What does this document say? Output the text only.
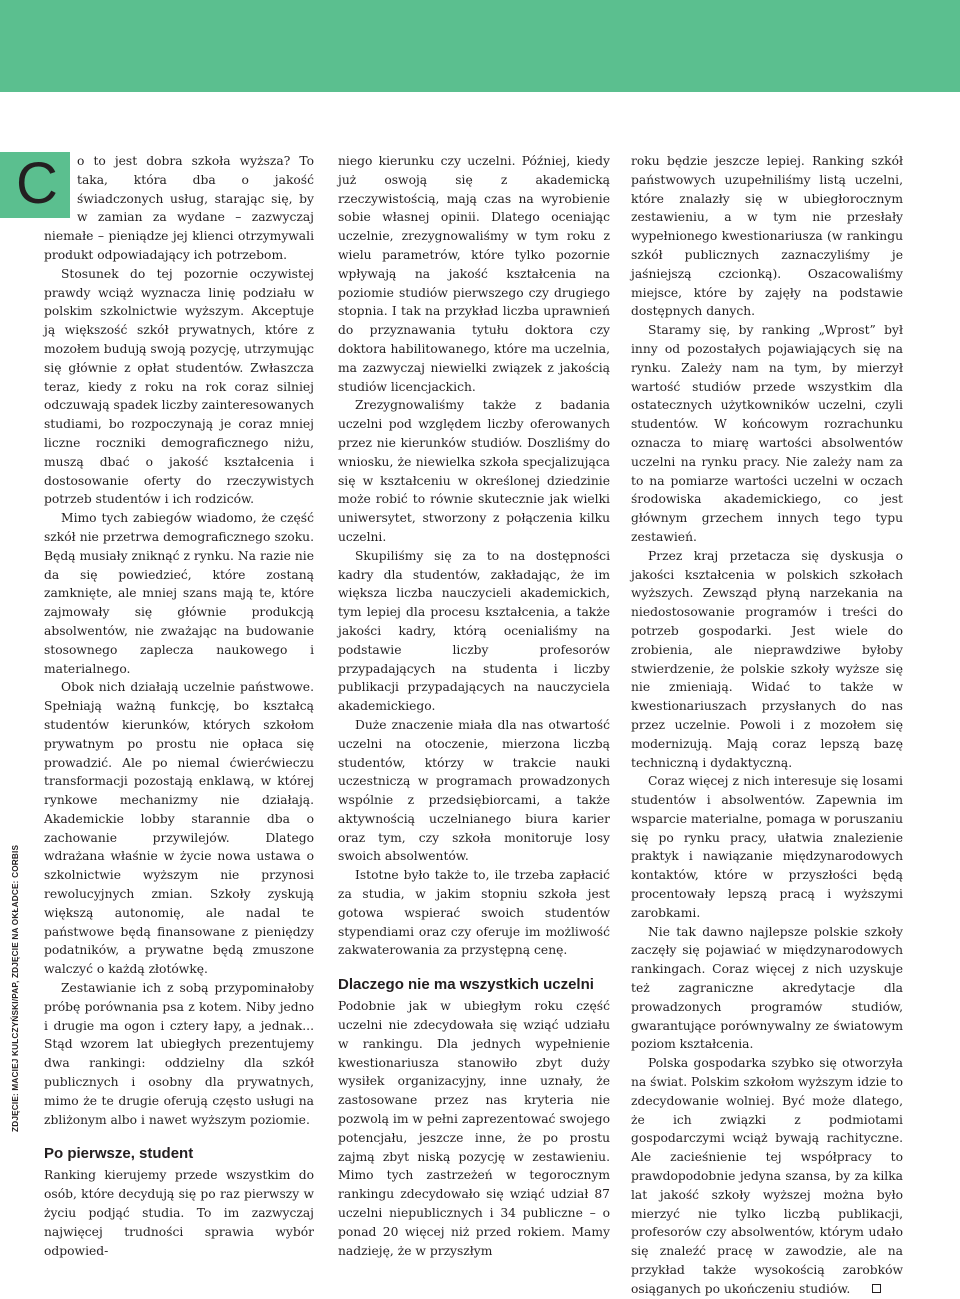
ZDJĘCIE: MACIEJ KULCZYŃSKI/PAP, ZDJĘCIE NA OKŁADCE: CORBIS
C	o to jest dobra szkoła wyższa? To taka, która dba o jakość świadczonych usług, starając się, by w zamian za wydane – zazwyczaj niemałe – pieniądze jej klienci otrzymywali produkt odpowiadający ich potrzebom.

Stosunek do tej pozornie oczywistej prawdy wciąż wyznacza linię podziału w polskim szkolnictwie wyższym. Akceptuje ją większość szkół prywatnych, które z mozołem budują swoją pozycję, utrzymując się głównie z opłat studentów. Zwłaszcza teraz, kiedy z roku na rok coraz silniej odczuwają spadek liczby zainteresowanych studiami, bo rozpoczynają je coraz mniej liczne roczniki demograficznego niżu, muszą dbać o jakość kształcenia i dostosowanie oferty do rzeczywistych potrzeb studentów i ich rodziców.

Mimo tych zabiegów wiadomo, że część szkół nie przetrwa demograficznego szoku. Będą musiały zniknąć z rynku. Na razie nie da się powiedzieć, które zostaną zamknięte, ale mniej szans mają te, które zajmowały się głównie produkcją absolwentów, nie zważając na budowanie stosownego zaplecza naukowego i materialnego.

Obok nich działają uczelnie państwowe. Spełniają ważną funkcję, bo kształcą studentów kierunków, których szkołom prywatnym po prostu nie opłaca się prowadzić. Ale po niemal ćwierćwieczu transformacji pozostają enklawą, w której rynkowe mechanizmy nie działają. Akademickie lobby starannie dba o zachowanie przywilejów. Dlatego wdrażana właśnie w życie nowa ustawa o szkolnictwie wyższym nie przynosi rewolucyjnych zmian. Szkoły zyskują większą autonomię, ale nadal te państwowe będą finansowane z pieniędzy podatników, a prywatne będą zmuszone walczyć o każdą złotówkę.

Zestawianie ich z sobą przypominałoby próbę porównania psa z kotem. Niby jedno i drugie ma ogon i cztery łapy, a jednak... Stąd wzorem lat ubiegłych prezentujemy dwa rankingi: oddzielny dla szkół publicznych i osobny dla prywatnych, mimo że te drugie oferują często usługi na zbliżonym albo i nawet wyższym poziomie.

Po pierwsze, student

Ranking kierujemy przede wszystkim do osób, które decydują się po raz pierwszy w życiu podjąć studia. To im zazwyczaj najwięcej trudności sprawia wybór odpowied-

niego kierunku czy uczelni. Później, kiedy już oswoją się z akademicką rzeczywistością, mają czas na wyrobienie sobie własnej opinii. Dlatego oceniając uczelnie, zrezygnowaliśmy w tym roku z wielu parametrów, które tylko pozornie wpływają na jakość kształcenia na poziomie studiów pierwszego czy drugiego stopnia. I tak na przykład liczba uprawnień do przyznawania tytułu doktora czy doktora habilitowanego, które ma uczelnia, ma zazwyczaj niewielki związek z jakością studiów licencjackich.

Zrezygnowaliśmy także z badania uczelni pod względem liczby oferowanych przez nie kierunków studiów. Doszliśmy do wniosku, że niewielka szkoła specjalizująca się w kształceniu w określonej dziedzinie może robić to równie skutecznie jak wielki uniwersytet, stworzony z połączenia kilku uczelni.

Skupiliśmy się za to na dostępności kadry dla studentów, zakładając, że im większa liczba nauczycieli akademickich, tym lepiej dla procesu kształcenia, a także jakości kadry, którą ocenialiśmy na podstawie liczby profesorów przypadających na studenta i liczby publikacji przypadających na nauczyciela akademickiego.

Duże znaczenie miała dla nas otwartość uczelni na otoczenie, mierzona liczbą studentów, którzy w trakcie nauki uczestniczą w programach prowadzonych wspólnie z przedsiębiorcami, a także aktywnością uczelnianego biura karier oraz tym, czy szkoła monitoruje losy swoich absolwentów.

Istotne było także to, ile trzeba zapłacić za studia, w jakim stopniu szkoła jest gotowa wspierać swoich studentów stypendiami oraz czy oferuje im możliwość zakwaterowania za przystępną cenę.

Dlaczego nie ma wszystkich uczelni

Podobnie jak w ubiegłym roku część uczelni nie zdecydowała się wziąć udziału w rankingu. Dla jednych wypełnienie kwestionariusza stanowiło zbyt duży wysiłek organizacyjny, inne uznały, że zastosowane przez nas kryteria nie pozwolą im w pełni zaprezentować swojego potencjału, jeszcze inne, że po prostu zajmą zbyt niską pozycję w zestawieniu. Mimo tych zastrzeżeń w tegorocznym rankingu zdecydowało się wziąć udział 87 uczelni niepublicznych i 34 publiczne – o ponad 20 więcej niż przed rokiem. Mamy nadzieję, że w przyszłym

roku będzie jeszcze lepiej. Ranking szkół państwowych uzupełniliśmy listą uczelni, które znalazły się w ubiegłorocznym zestawieniu, a w tym nie przesłały wypełnionego kwestionariusza (w rankingu szkół publicznych zaznaczyliśmy je jaśniejszą czcionką). Oszacowaliśmy miejsce, które by zajęły na podstawie dostępnych danych.

Staramy się, by ranking „Wprost” był inny od pozostałych pojawiających się na rynku. Zależy nam na tym, by mierzył wartość studiów przede wszystkim dla ostatecznych użytkowników uczelni, czyli studentów. W końcowym rozrachunku oznacza to miarę wartości absolwentów uczelni na rynku pracy. Nie zależy nam za to na pomiarze wartości uczelni w oczach środowiska akademickiego, co jest głównym grzechem innych tego typu zestawień.

Przez kraj przetacza się dyskusja o jakości kształcenia w polskich szkołach wyższych. Zewsząd płyną narzekania na niedostosowanie programów i treści do potrzeb gospodarki. Jest wiele do zrobienia, ale nieprawdziwe byłoby stwierdzenie, że polskie szkoły wyższe się nie zmieniają. Widać to także w kwestionariuszach przysłanych do nas przez uczelnie. Powoli i z mozołem się modernizują. Mają coraz lepszą bazę techniczną i dydaktyczną.

Coraz więcej z nich interesuje się losami studentów i absolwentów. Zapewnia im wsparcie materialne, pomaga w poruszaniu się po rynku pracy, ułatwia znalezienie praktyk i nawiązanie międzynarodowych kontaktów, które w przyszłości będą procentowały lepszą pracą i wyższymi zarobkami.

Nie tak dawno najlepsze polskie szkoły zaczęły się pojawiać w międzynarodowych rankingach. Coraz więcej z nich uzyskuje też zagraniczne akredytacje dla prowadzonych programów studiów, gwarantujące porównywalny ze światowym poziom kształcenia.

Polska gospodarka szybko się otworzyła na świat. Polskim szkołom wyższym idzie to zdecydowanie wolniej. Być może dlatego, że ich związki z podmiotami gospodarczymi wciąż bywają rachityczne. Ale zacieśnienie tej współpracy to prawdopodobnie jedyna szansa, by za kilka lat jakość szkoły wyższej można było mierzyć nie tylko liczbą publikacji, profesorów czy absolwentów, którym udało się znaleźć pracę w zawodzie, ale na przykład także wysokością zarobków osiąganych po ukończeniu studiów.
